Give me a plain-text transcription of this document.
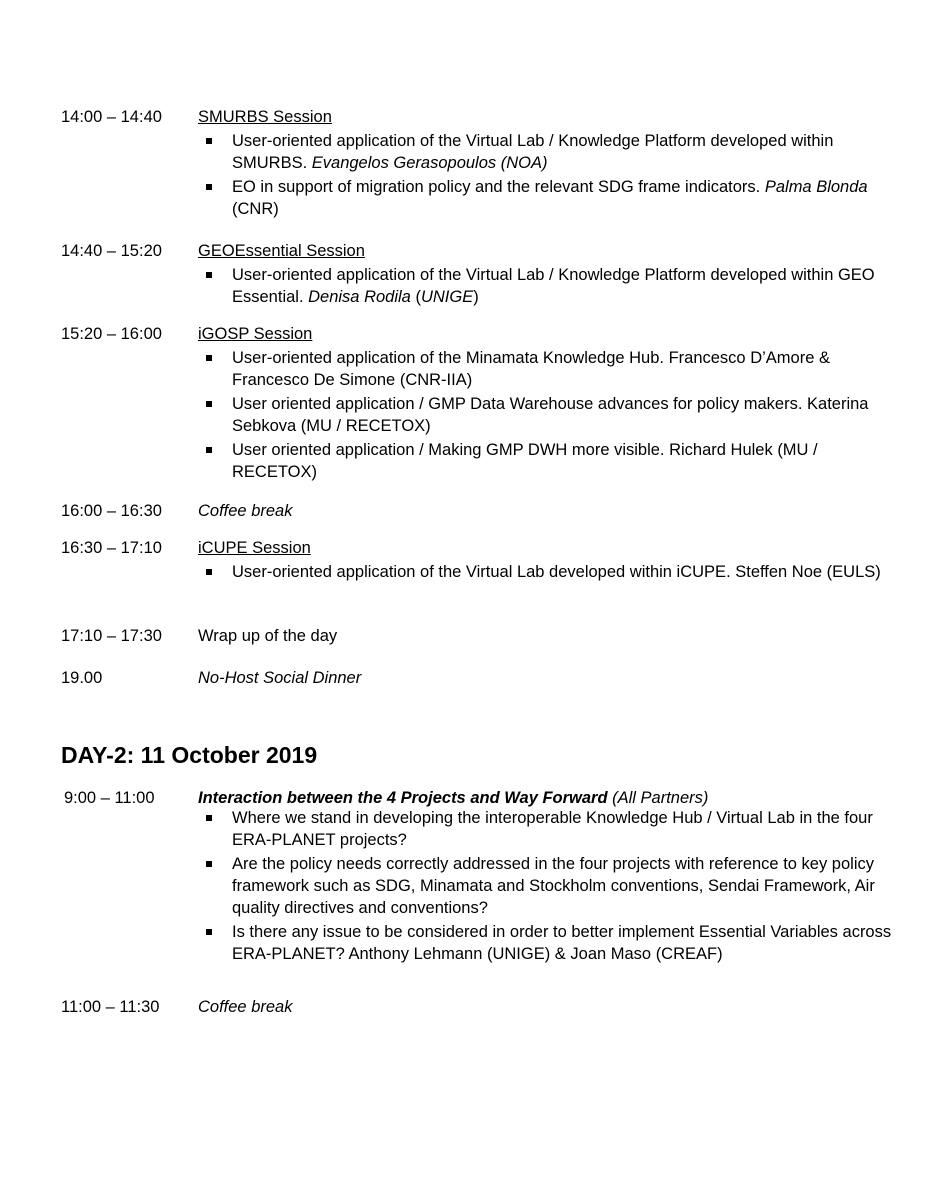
14:00 – 14:40 SMURBS Session
User-oriented application of the Virtual Lab / Knowledge Platform developed within SMURBS. Evangelos Gerasopoulos (NOA)
EO in support of migration policy and the relevant SDG frame indicators. Palma Blonda (CNR)
14:40 – 15:20 GEOEssential Session
User-oriented application of the Virtual Lab / Knowledge Platform developed within GEO Essential. Denisa Rodila (UNIGE)
15:20 – 16:00 iGOSP Session
User-oriented application of the Minamata Knowledge Hub. Francesco D’Amore & Francesco De Simone (CNR-IIA)
User oriented application / GMP Data Warehouse advances for policy makers. Katerina Sebkova (MU / RECETOX)
User oriented application / Making GMP DWH more visible. Richard Hulek (MU / RECETOX)
16:00 – 16:30 Coffee break
16:30 – 17:10 iCUPE Session
User-oriented application of the Virtual Lab developed within iCUPE. Steffen Noe (EULS)
17:10 – 17:30 Wrap up of the day
19.00	No-Host Social Dinner
DAY-2: 11 October 2019
9:00 – 11:00	Interaction between the 4 Projects and Way Forward (All Partners)
Where we stand in developing the interoperable Knowledge Hub / Virtual Lab in the four ERA-PLANET projects?
Are the policy needs correctly addressed in the four projects with reference to key policy framework such as SDG, Minamata and Stockholm conventions, Sendai Framework, Air quality directives and conventions?
Is there any issue to be considered in order to better implement Essential Variables across ERA-PLANET? Anthony Lehmann (UNIGE) & Joan Maso (CREAF)
11:00 – 11:30 Coffee break
